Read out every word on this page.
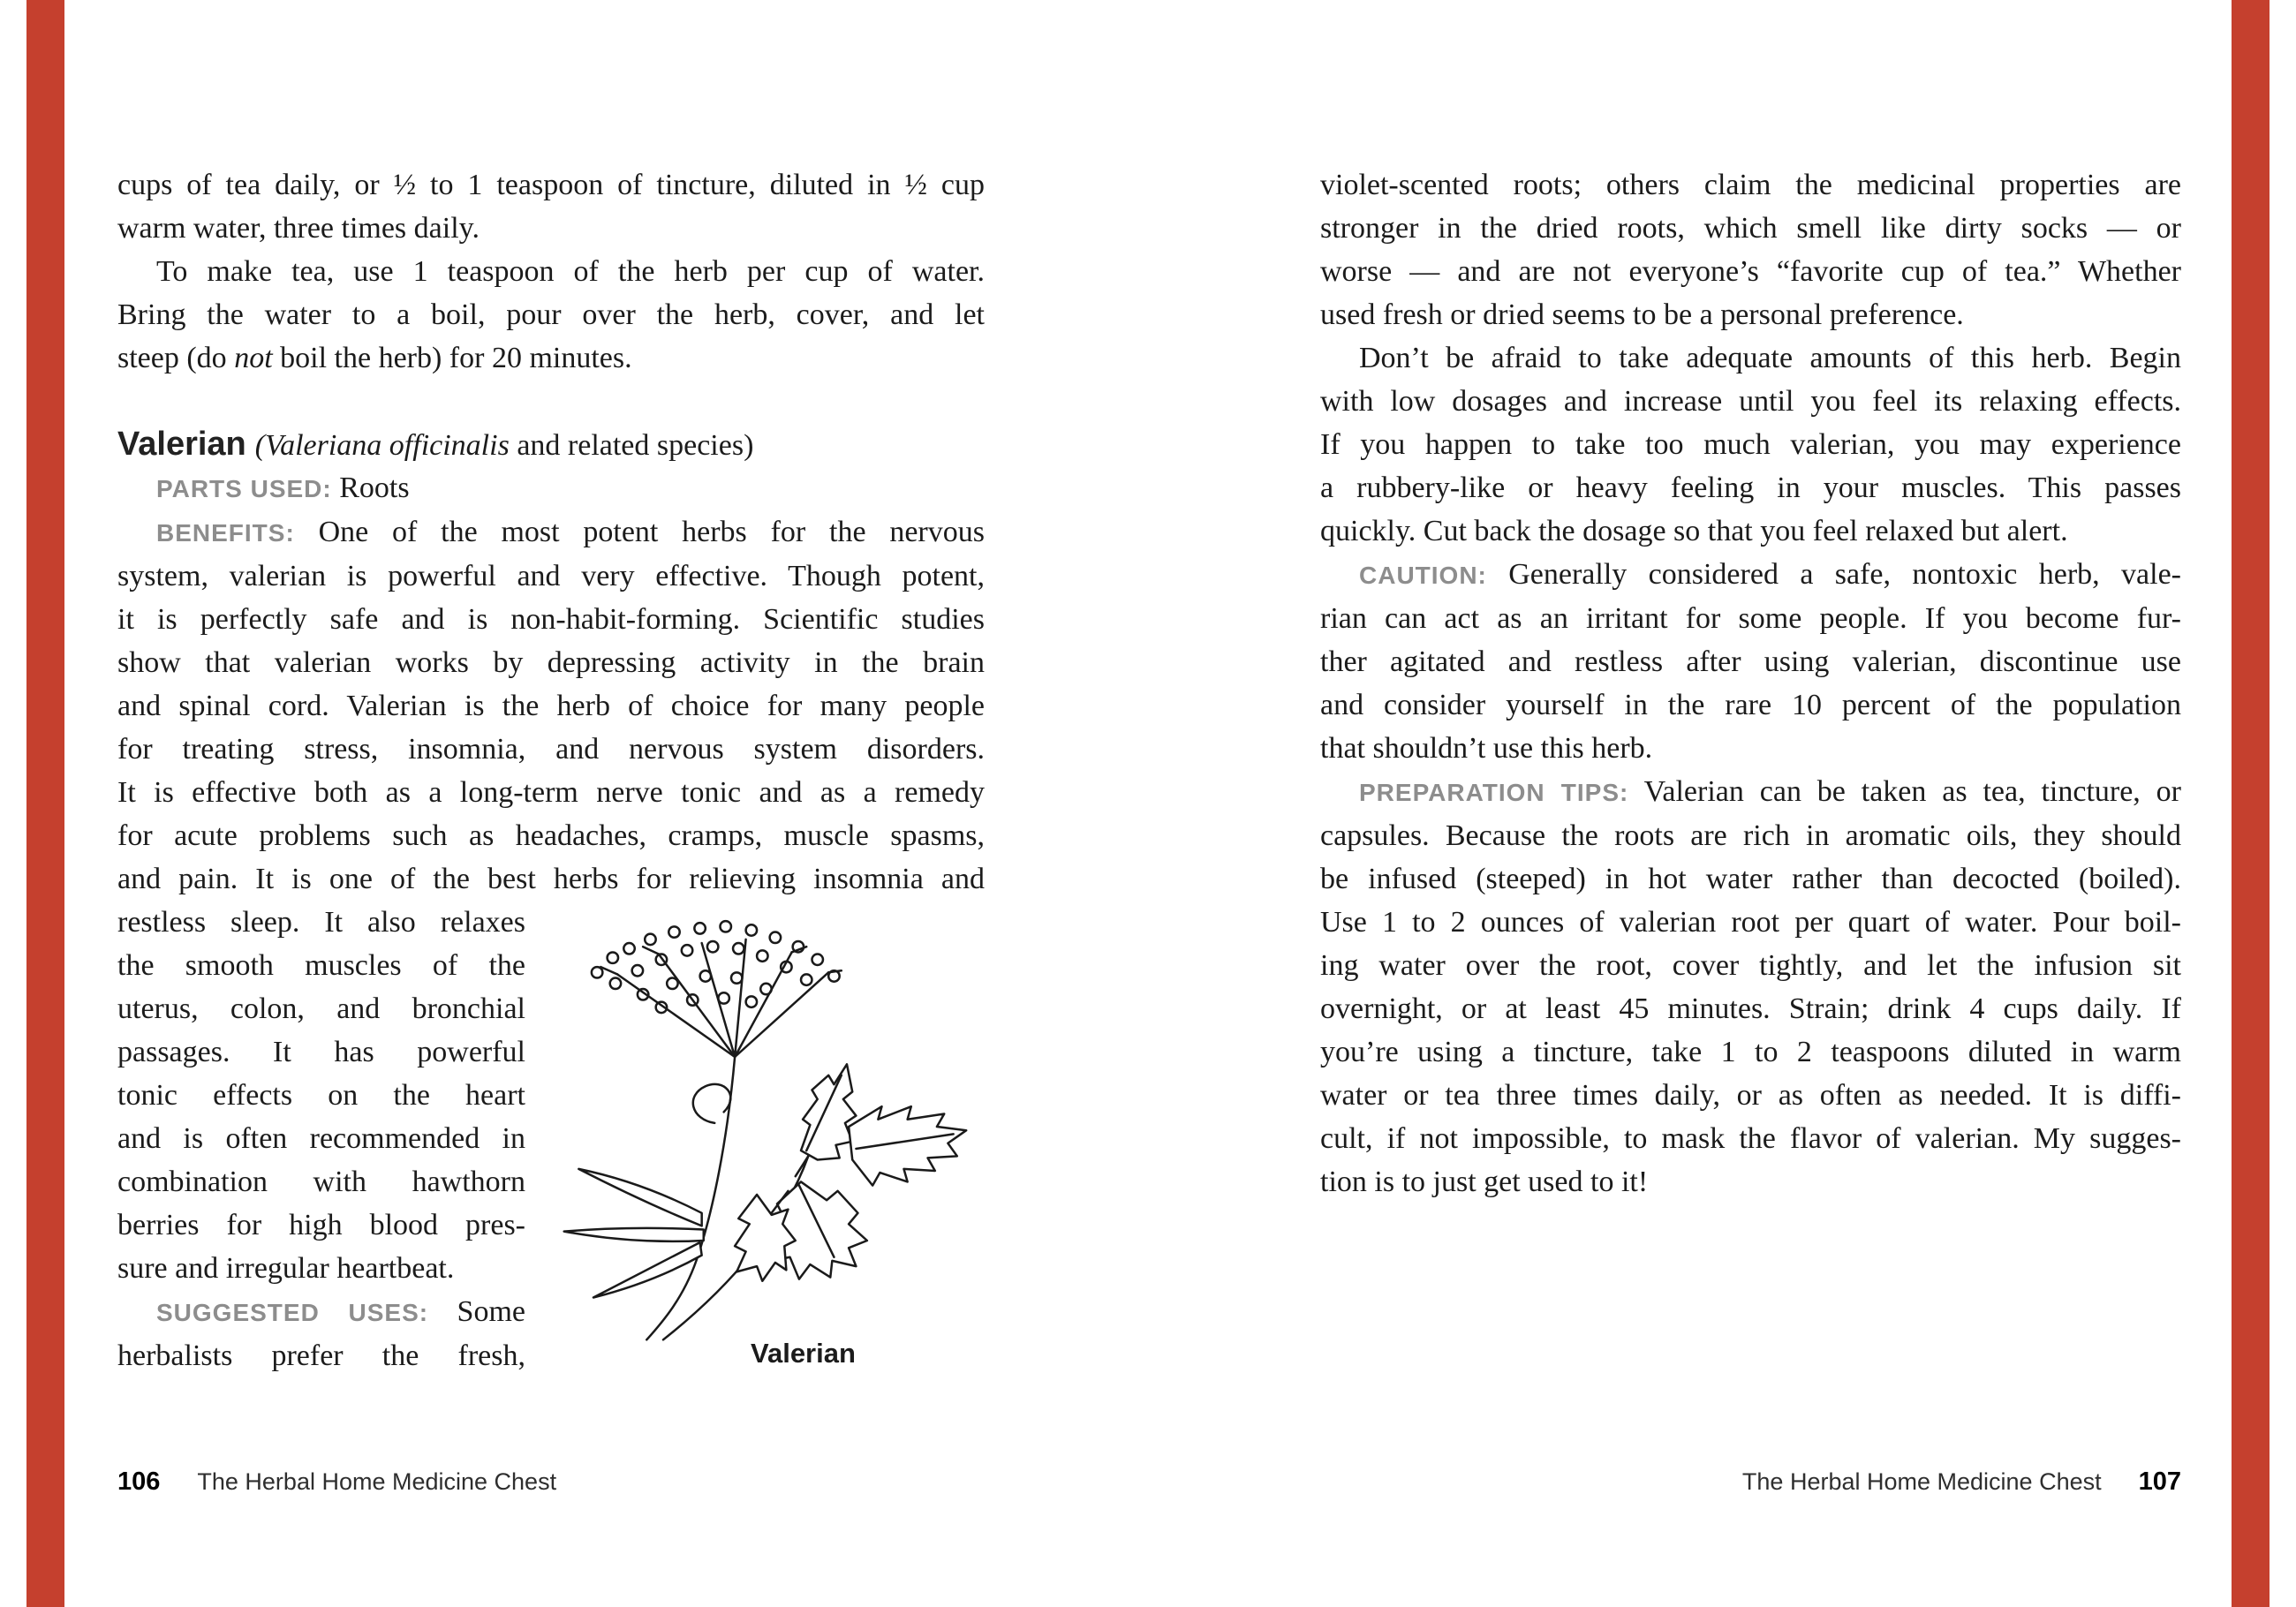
cups of tea daily, or ½ to 1 teaspoon of tincture, diluted in ½ cup
warm water, three times daily.
To make tea, use 1 teaspoon of the herb per cup of water.
Bring the water to a boil, pour over the herb, cover, and let
steep (do not boil the herb) for 20 minutes.
Valerian (Valeriana officinalis and related species)
PARTS USED: Roots
BENEFITS: One of the most potent herbs for the nervous
system, valerian is powerful and very effective. Though potent,
it is perfectly safe and is non-habit-forming. Scientific studies
show that valerian works by depressing activity in the brain
and spinal cord. Valerian is the herb of choice for many people
for treating stress, insomnia, and nervous system disorders.
It is effective both as a long-term nerve tonic and as a remedy
for acute problems such as headaches, cramps, muscle spasms,
and pain. It is one of the best herbs for relieving insomnia and
restless sleep. It also relaxes
the smooth muscles of the
uterus, colon, and bronchial
passages. It has powerful
tonic effects on the heart
and is often recommended in
combination with hawthorn
berries for high blood pres-
sure and irregular heartbeat.
SUGGESTED USES: Some
herbalists prefer the fresh,	Valerian
violet-scented roots; others claim the medicinal properties are
stronger in the dried roots, which smell like dirty socks — or
worse — and are not everyone’s “favorite cup of tea.” Whether
used fresh or dried seems to be a personal preference.
Don’t be afraid to take adequate amounts of this herb. Begin
with low dosages and increase until you feel its relaxing effects.
If you happen to take too much valerian, you may experience
a rubbery-like or heavy feeling in your muscles. This passes
quickly. Cut back the dosage so that you feel relaxed but alert.
CAUTION: Generally considered a safe, nontoxic herb, vale-
rian can act as an irritant for some people. If you become fur-
ther agitated and restless after using valerian, discontinue use
and consider yourself in the rare 10 percent of the population
that shouldn’t use this herb.
PREPARATION TIPS: Valerian can be taken as tea, tincture, or
capsules. Because the roots are rich in aromatic oils, they should
be infused (steeped) in hot water rather than decocted (boiled).
Use 1 to 2 ounces of valerian root per quart of water. Pour boil-
ing water over the root, cover tightly, and let the infusion sit
overnight, or at least 45 minutes. Strain; drink 4 cups daily. If
you’re using a tincture, take 1 to 2 teaspoons diluted in warm
water or tea three times daily, or as often as needed. It is diffi-
cult, if not impossible, to mask the flavor of valerian. My sugges-
tion is to just get used to it!
106 The Herbal Home Medicine Chest	The Herbal Home Medicine Chest 107
